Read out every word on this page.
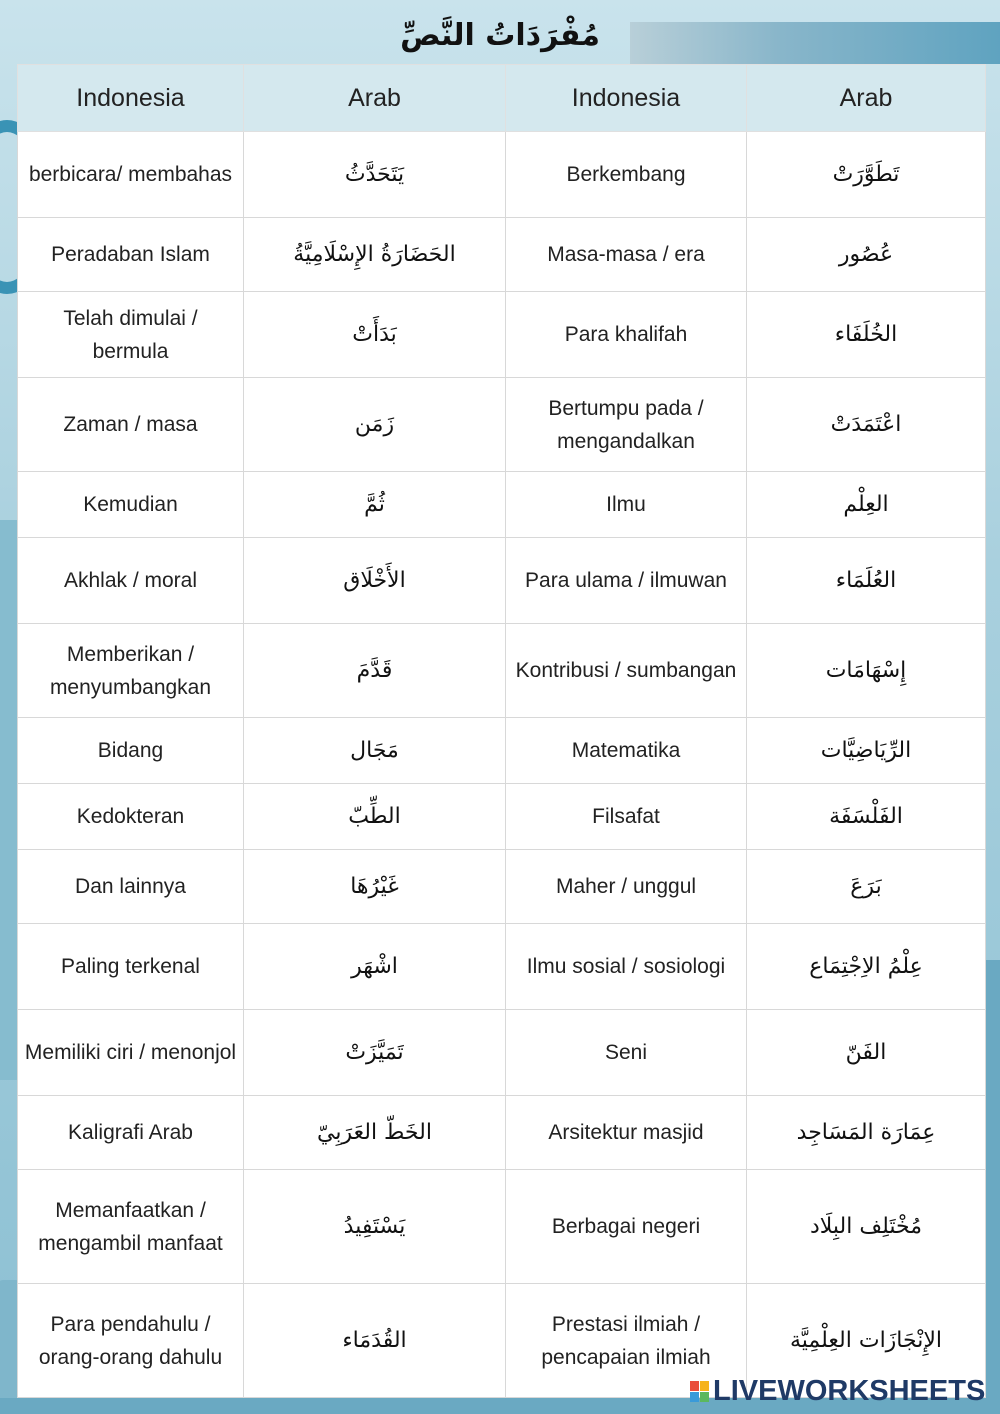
مُفْرَدَاتُ النَّصِّ
Indonesia	Arab	Indonesia	Arab
berbicara/ membahas	يَتَحَدَّثُ	Berkembang	تَطَوَّرَتْ
Peradaban Islam	الحَضَارَةُ الإِسْلَامِيَّةُ	Masa-masa / era	عُصُور
Telah dimulai / bermula	بَدَأَتْ	Para khalifah	الخُلَفَاء
Zaman / masa	زَمَن	Bertumpu pada / mengandalkan	اعْتَمَدَتْ
Kemudian	ثُمَّ	Ilmu	العِلْم
Akhlak / moral	الأَخْلَاق	Para ulama / ilmuwan	العُلَمَاء
Memberikan / menyumbangkan	قَدَّمَ	Kontribusi / sumbangan	إِسْهَامَات
Bidang	مَجَال	Matematika	الرِّيَاضِيَّات
Kedokteran	الطِّبّ	Filsafat	الفَلْسَفَة
Dan lainnya	غَيْرُهَا	Maher / unggul	بَرَعَ
Paling terkenal	اشْهَر	Ilmu sosial / sosiologi	عِلْمُ الاِجْتِمَاع
Memiliki ciri / menonjol	تَمَيَّزَتْ	Seni	الفَنّ
Kaligrafi Arab	الخَطّ العَرَبِيّ	Arsitektur masjid	عِمَارَة المَسَاجِد
Memanfaatkan / mengambil manfaat	يَسْتَفِيدُ	Berbagai negeri	مُخْتَلِف البِلَاد
Para pendahulu / orang-orang dahulu	القُدَمَاء	Prestasi ilmiah / pencapaian ilmiah	الإِنْجَازَات العِلْمِيَّة
LIVEWORKSHEETS
